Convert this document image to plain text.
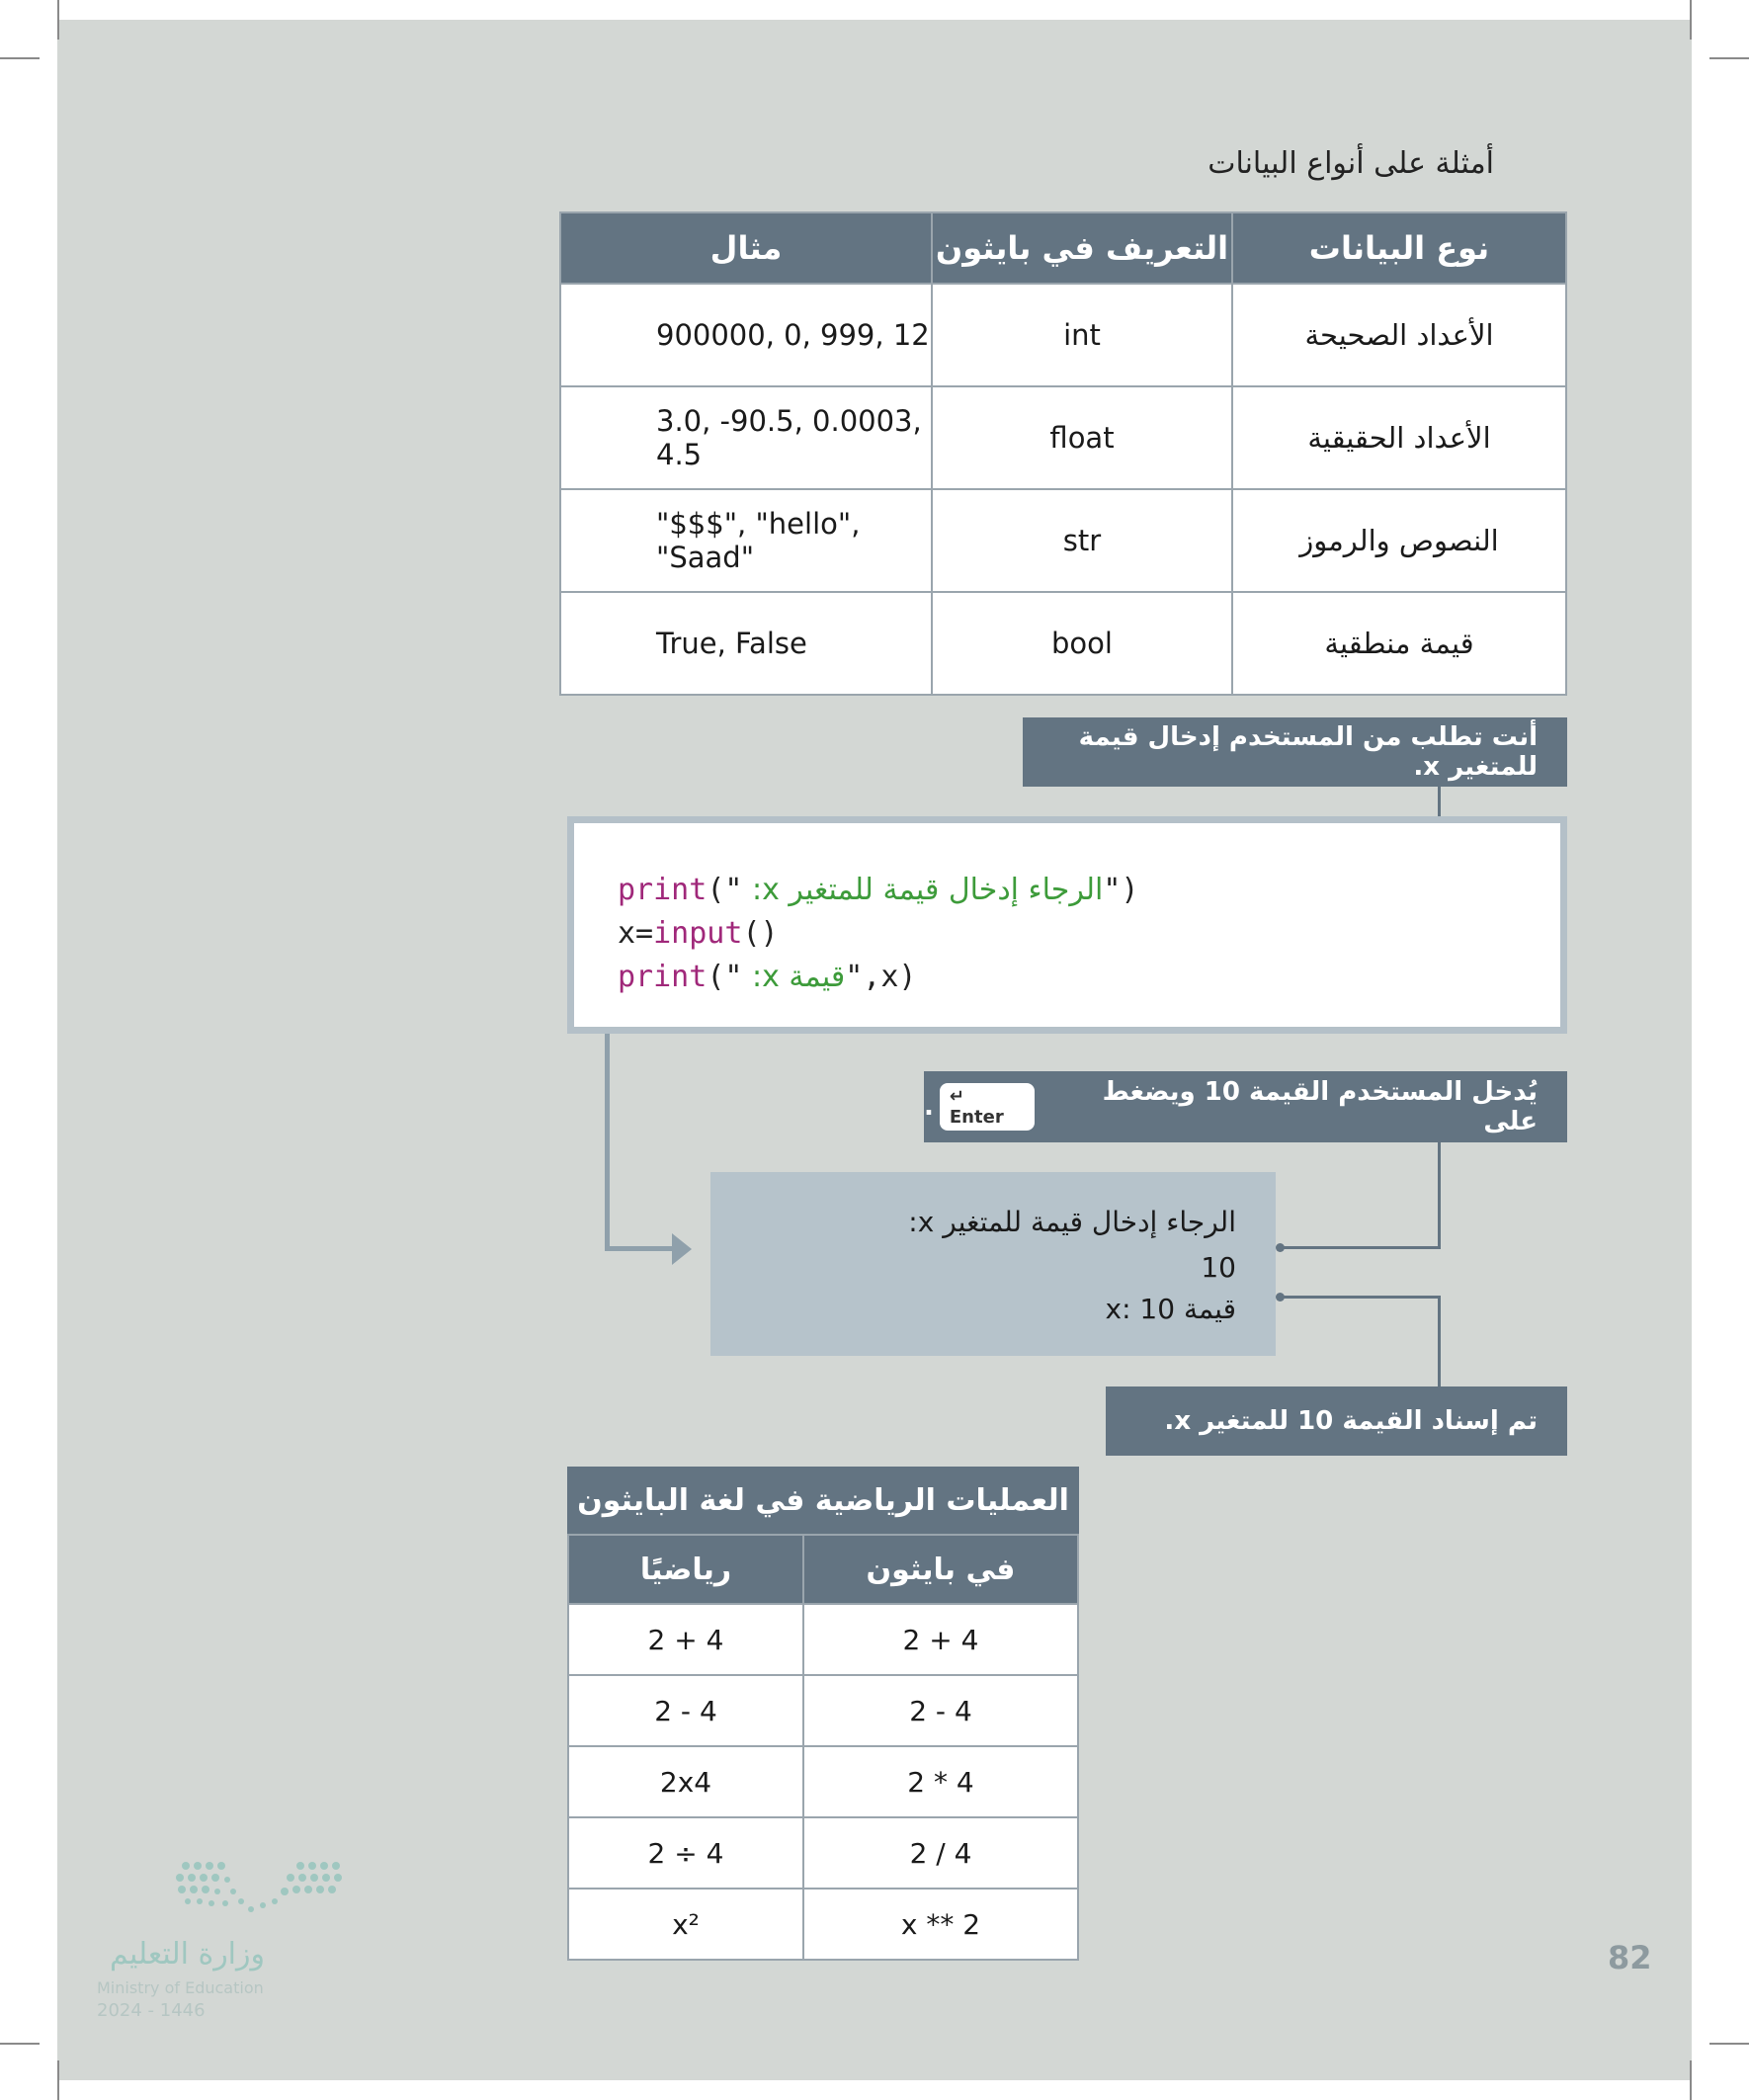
أمثلة على أنواع البيانات
نوع البيانات	التعريف في بايثون	مثال
الأعداد الصحيحة	int	900000, 0, 999, 12
الأعداد الحقيقية	float	3.0, -90.5, 0.0003, 4.5
النصوص والرموز	str	"$$$", "hello", "Saad"
قيمة منطقية	bool	True, False
أنت تطلب من المستخدم إدخال قيمة للمتغير x.
print("الرجاء إدخال قيمة للمتغير x: ")
x=input()
print("قيمة x: ",x)
يُدخل المستخدم القيمة 10 ويضغط على
↵ Enter
.
الرجاء إدخال قيمة للمتغير x:
10
قيمة x: 10
تم إسناد القيمة 10 للمتغير x.
العمليات الرياضية في لغة البايثون
في بايثون	رياضيًا
2 + 4	2 + 4
2 - 4	2 - 4
2 * 4	2x4
2 / 4	2 ÷ 4
x ** 2	x²
وزارة التعليم
Ministry of Education
2024 - 1446
82
